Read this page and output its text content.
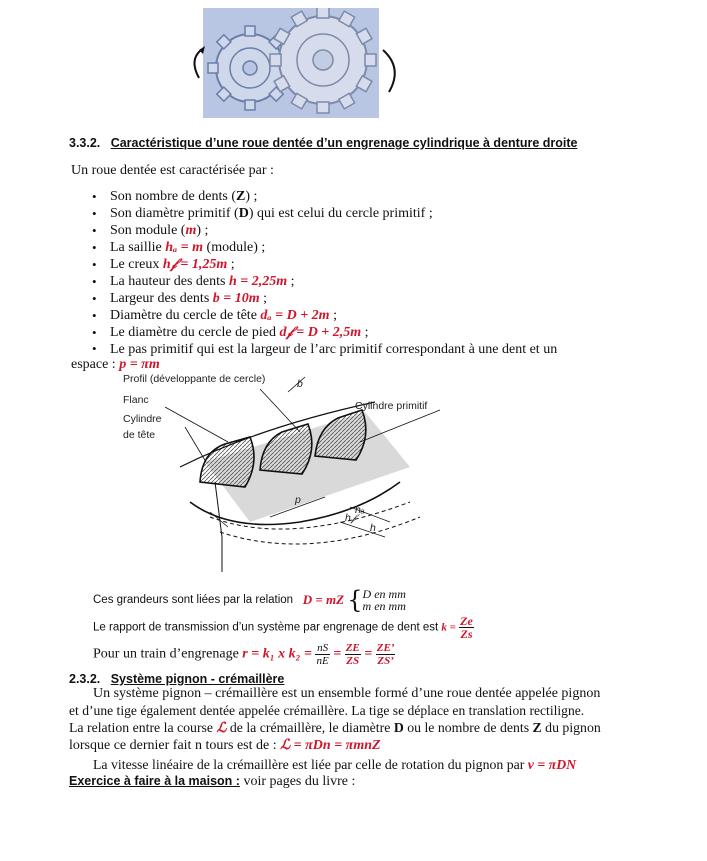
3.3.2. Caractéristique d’une roue dentée d’un engrenage cylindrique à denture droite
Un roue dentée est caractérisée par :
• Son nombre de dents (Z) ;
• Son diamètre primitif (D) qui est celui du cercle primitif ;
• Son module (m) ;
• La saillie hₐ = m (module) ;
• Le creux h𝒻 = 1,25m ;
• La hauteur des dents h = 2,25m ;
• Largeur des dents b = 10m ;
• Diamètre du cercle de tête dₐ = D + 2m ;
• Le diamètre du cercle de pied d𝒻 = D + 2,5m ;
• Le pas primitif qui est la largeur de l’arc primitif correspondant à une dent et un
espace : p = πm
Profil (développante de cercle)
Flanc
Cylindre
de tête
Cylindre primitif
b
p
hₐ
h𝒻
h
Ces grandeurs sont liées par la relation D = mZ { D en mm
m en mm
Le rapport de transmission d’un système par engrenage de dent est $k = \frac{Ze}{Zs}$
Pour un train d’engrenage r = k₁ x $k_2 = \frac{nS}{nE} = \frac{ZE}{ZS} = \frac{ZE’}{ZS’}$
2.3.2. Système pignon - crémaillère
Un système pignon – crémaillère est un ensemble formé d’une roue dentée appelée pignon
et d’une tige également dentée appelée crémaillère. La tige se déplace en translation rectiligne.
La relation entre la course ℒ de la crémaillère, le diamètre D ou le nombre de dents Z du pignon
lorsque ce dernier fait n tours est de : ℒ = πDn = πmnZ
La vitesse linéaire de la crémaillère est liée par celle de rotation du pignon par v = πDN
Exercice à faire à la maison : voir pages du livre :
